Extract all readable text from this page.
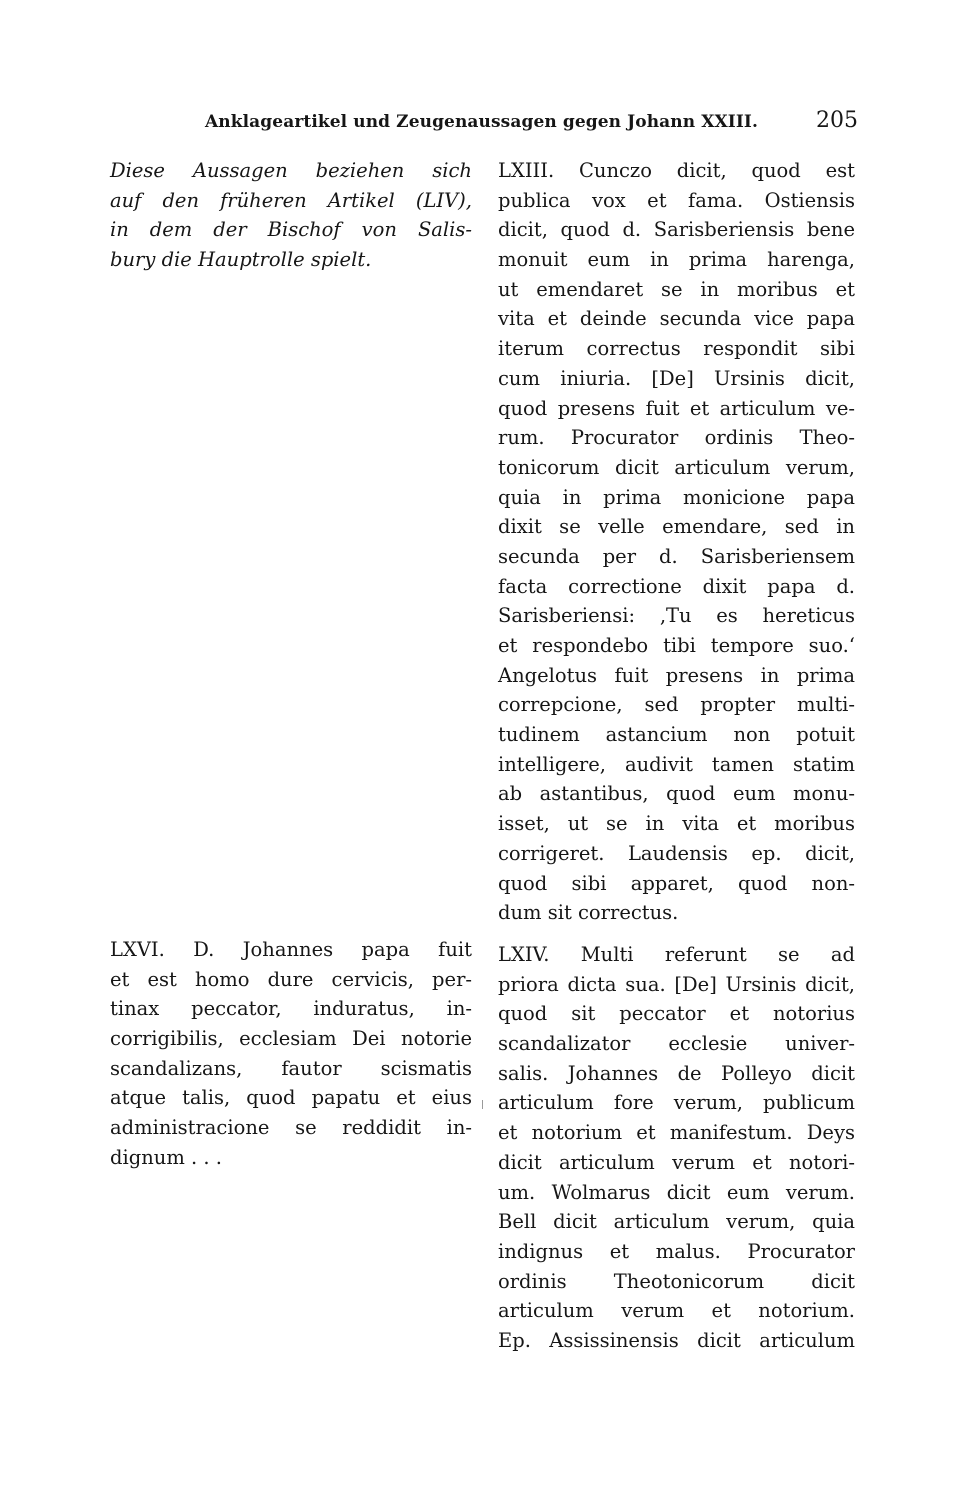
Anklageartikel und Zeugenaussagen gegen Johann XXIII.	205
Diese Aussagen beziehen sich
auf den früheren Artikel (LIV),
in dem der Bischof von Salis-
bury die Hauptrolle spielt.
LXVI. D. Johannes papa fuit
et est homo dure cervicis, per-
tinax peccator, induratus, in-
corrigibilis, ecclesiam Dei notorie
scandalizans, fautor scismatis
atque talis, quod papatu et eius
administracione se reddidit in-
dignum . . .
LXIII. Cunczo dicit, quod est
publica vox et fama. Ostiensis
dicit, quod d. Sarisberiensis bene
monuit eum in prima harenga,
ut emendaret se in moribus et
vita et deinde secunda vice papa
iterum correctus respondit sibi
cum iniuria. [De] Ursinis dicit,
quod presens fuit et articulum ve-
rum. Procurator ordinis Theo-
tonicorum dicit articulum verum,
quia in prima monicione papa
dixit se velle emendare, sed in
secunda per d. Sarisberiensem
facta correctione dixit papa d.
Sarisberiensi: ‚Tu es hereticus
et respondebo tibi tempore suo.‘
Angelotus fuit presens in prima
correpcione, sed propter multi-
tudinem astancium non potuit
intelligere, audivit tamen statim
ab astantibus, quod eum monu-
isset, ut se in vita et moribus
corrigeret. Laudensis ep. dicit,
quod sibi apparet, quod non-
dum sit correctus.
LXIV. Multi referunt se ad
priora dicta sua. [De] Ursinis dicit,
quod sit peccator et notorius
scandalizator ecclesie univer-
salis. Johannes de Polleyo dicit
articulum fore verum, publicum
et notorium et manifestum. Deys
dicit articulum verum et notori-
um. Wolmarus dicit eum verum.
Bell dicit articulum verum, quia
indignus et malus. Procurator
ordinis Theotonicorum dicit
articulum verum et notorium.
Ep. Assissinensis dicit articulum
